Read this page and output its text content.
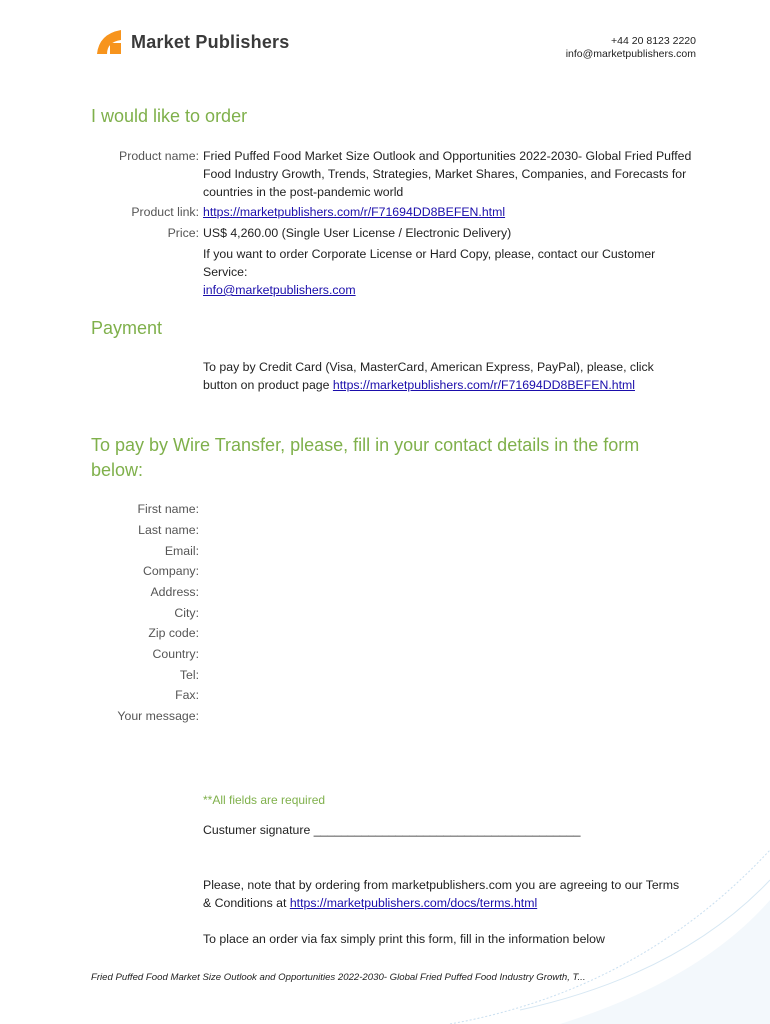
Market Publishers	+44 20 8123 2220
info@marketpublishers.com
I would like to order
Product name: Fried Puffed Food Market Size Outlook and Opportunities 2022-2030- Global Fried Puffed
Food Industry Growth, Trends, Strategies, Market Shares, Companies, and Forecasts for
countries in the post-pandemic world
Product link: https://marketpublishers.com/r/F71694DD8BEFEN.html
Price: US$ 4,260.00 (Single User License / Electronic Delivery)
If you want to order Corporate License or Hard Copy, please, contact our Customer
Service:
info@marketpublishers.com
Payment
To pay by Credit Card (Visa, MasterCard, American Express, PayPal), please, click
button on product page https://marketpublishers.com/r/F71694DD8BEFEN.html
To pay by Wire Transfer, please, fill in your contact details in the form
below:
First name:
Last name:
Email:
Company:
Address:
City:
Zip code:
Country:
Tel:
Fax:
Your message:
**All fields are required
Custumer signature _______________________________________
Please, note that by ordering from marketpublishers.com you are agreeing to our Terms
& Conditions at https://marketpublishers.com/docs/terms.html
To place an order via fax simply print this form, fill in the information below
Fried Puffed Food Market Size Outlook and Opportunities 2022-2030- Global Fried Puffed Food Industry Growth, T...
